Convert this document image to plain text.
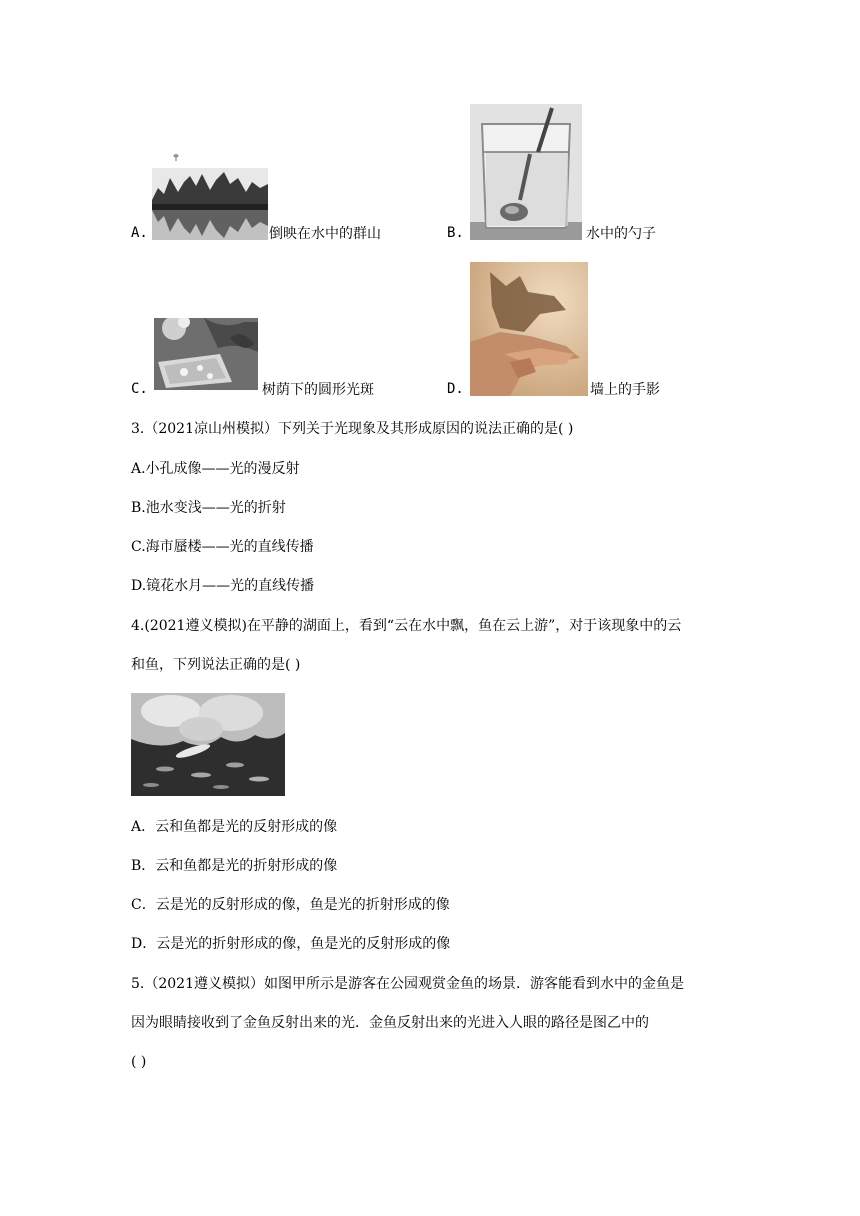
A.	倒映在水中的群山	B.	水中的勺子
C.	树荫下的圆形光斑	D.	墙上的手影
3.（2021凉山州模拟）下列关于光现象及其形成原因的说法正确的是( )
A.小孔成像——光的漫反射
B.池水变浅——光的折射
C.海市蜃楼——光的直线传播
D.镜花水月——光的直线传播
4.(2021遵义模拟)在平静的湖面上，看到“云在水中飘，鱼在云上游”，对于该现象中的云
和鱼，下列说法正确的是( )
A．云和鱼都是光的反射形成的像
B．云和鱼都是光的折射形成的像
C．云是光的反射形成的像，鱼是光的折射形成的像
D．云是光的折射形成的像，鱼是光的反射形成的像
5.（2021遵义模拟）如图甲所示是游客在公园观赏金鱼的场景．游客能看到水中的金鱼是
因为眼睛接收到了金鱼反射出来的光．金鱼反射出来的光进入人眼的路径是图乙中的
( )
